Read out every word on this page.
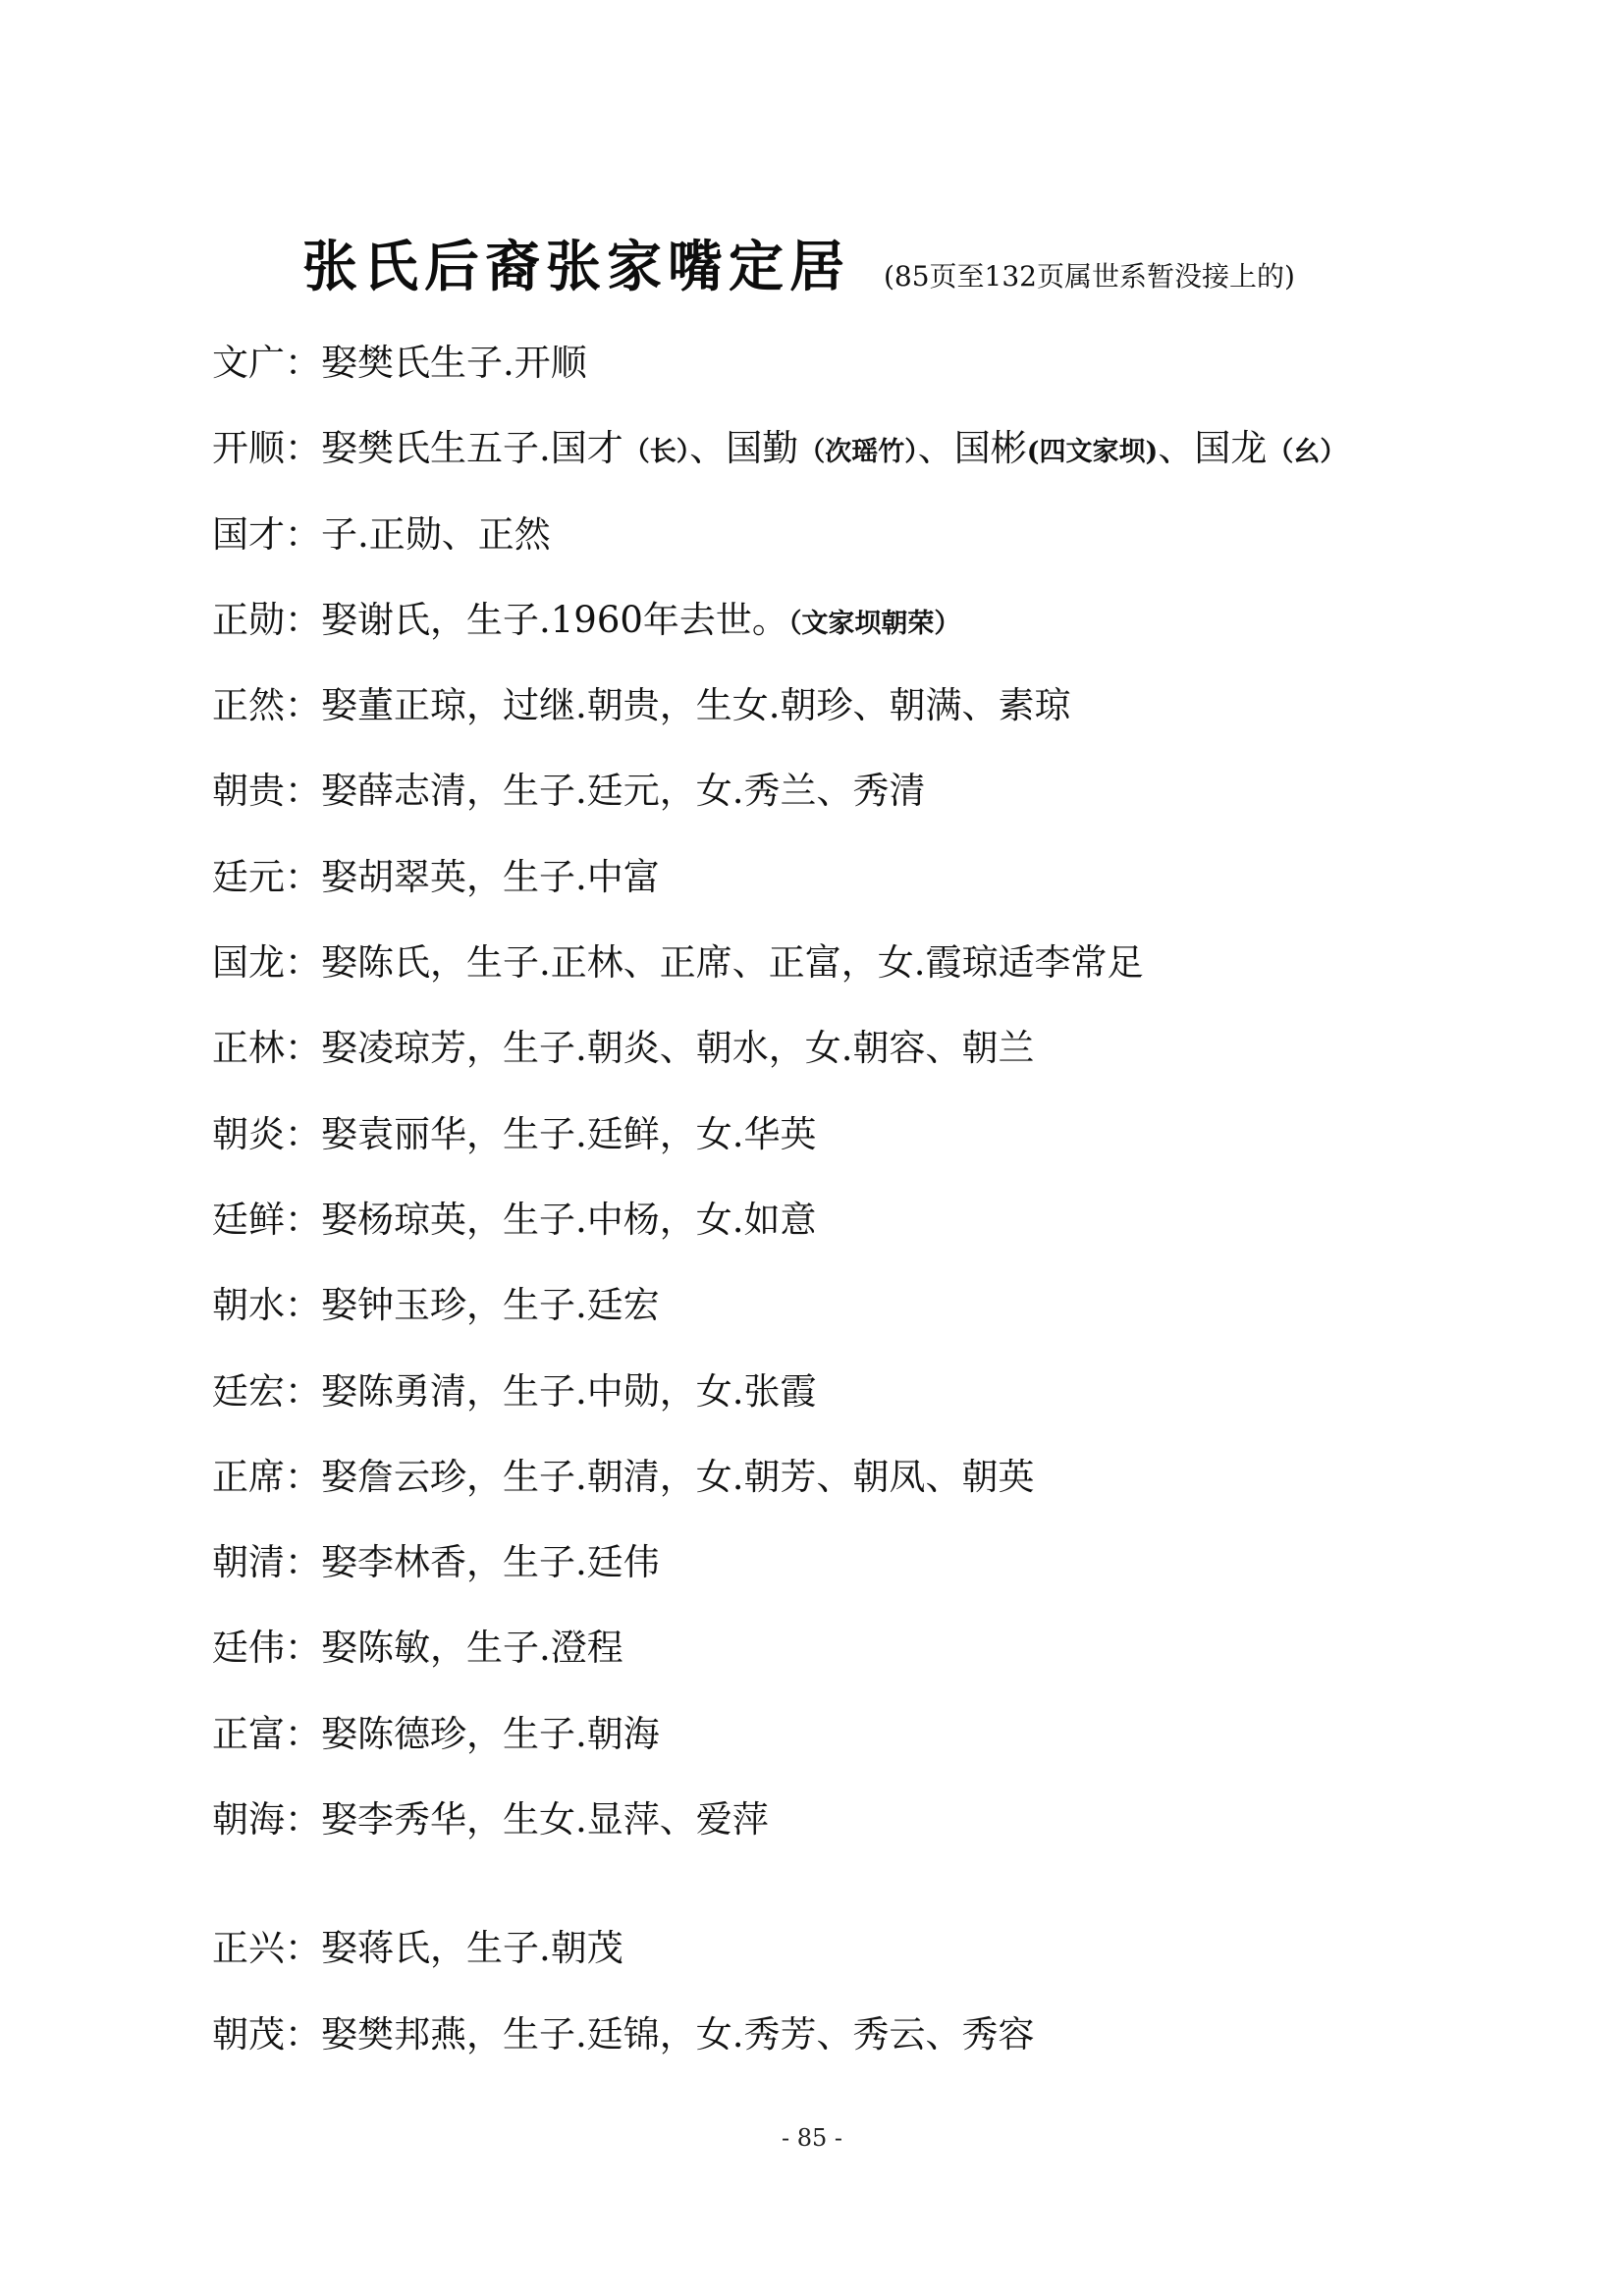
张氏后裔张家嘴定居 (85页至132页属世系暂没接上的)
文广：娶樊氏生子.开顺
开顺：娶樊氏生五子.国才（长）、国勤（次瑶竹）、国彬(四文家坝)、国龙（幺）
国才：子.正勋、正然
正勋：娶谢氏，生子.1960年去世。（文家坝朝荣）
正然：娶董正琼，过继.朝贵，生女.朝珍、朝满、素琼
朝贵：娶薛志清，生子.廷元，女.秀兰、秀清
廷元：娶胡翠英，生子.中富
国龙：娶陈氏，生子.正林、正席、正富，女.霞琼适李常足
正林：娶凌琼芳，生子.朝炎、朝水，女.朝容、朝兰
朝炎：娶袁丽华，生子.廷鲜，女.华英
廷鲜：娶杨琼英，生子.中杨，女.如意
朝水：娶钟玉珍，生子.廷宏
廷宏：娶陈勇清，生子.中勋，女.张霞
正席：娶詹云珍，生子.朝清，女.朝芳、朝凤、朝英
朝清：娶李林香，生子.廷伟
廷伟：娶陈敏，生子.澄程
正富：娶陈德珍，生子.朝海
朝海：娶李秀华，生女.显萍、爱萍
正兴：娶蒋氏，生子.朝茂
朝茂：娶樊邦燕，生子.廷锦，女.秀芳、秀云、秀容
- 85 -
